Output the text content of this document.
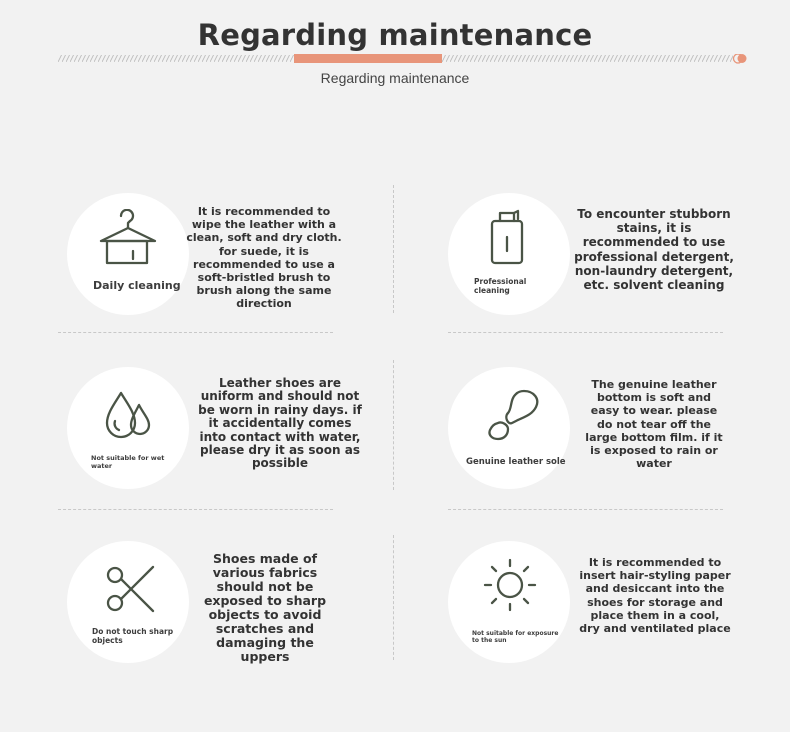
Regarding maintenance
Regarding maintenance
Daily cleaning
It is recommended to wipe the leather with a clean, soft and dry cloth. for suede, it is recommended to use a soft-bristled brush to brush along the same direction
Professional cleaning
To encounter stubborn stains, it is recommended to use professional detergent, non-laundry detergent, etc. solvent cleaning
Not suitable for wet water
Leather shoes are uniform and should not be worn in rainy days. if it accidentally comes into contact with water, please dry it as soon as possible	Genuine leather sole
The genuine leather bottom is soft and easy to wear. please do not tear off the large bottom film. if it is exposed to rain or water
Do not touch sharp objects
Shoes made of various fabrics should not be exposed to sharp objects to avoid scratches and damaging the uppers
Not suitable for exposure to the sun
It is recommended to insert hair-styling paper and desiccant into the shoes for storage and place them in a cool, dry and ventilated place
